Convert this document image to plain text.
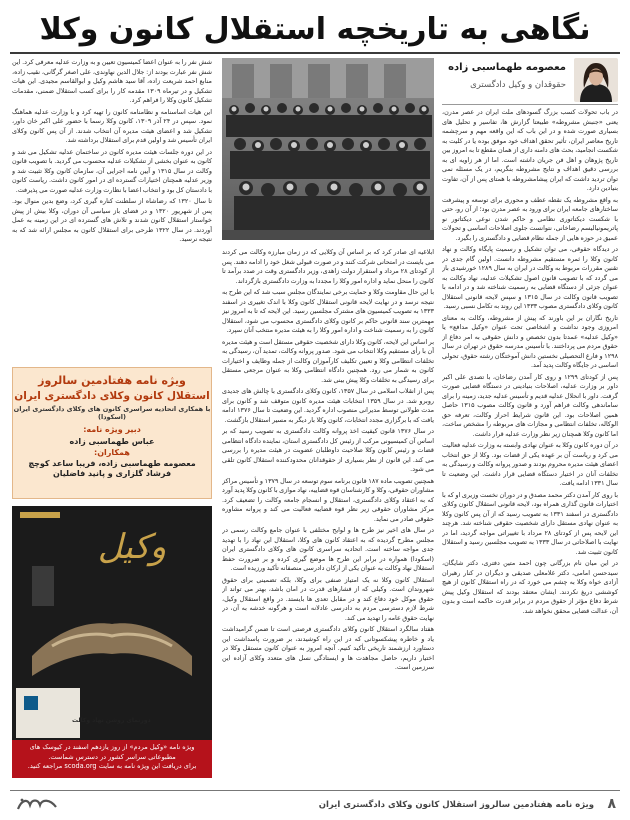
نگاهی به تاریخچه استقلال کانون وکلا
معصومه طهماسبی زاده
حقوقدان و وکیل دادگستری

در باب تحولات کسب بزرگ گسودهای ملت ایران در عصر مدرن، یعنی «جنبش مشروطه» طبیعتا گزارش ها، تفاسیر و تحلیل های بسیاری صورت شده و در این باب که این واقعه مهم و سرچشمه تاریخ معاصر ایران، تأثیر تحقق اهداف خود موفق بوده یا در کلیت به شکست انجامید، بحث های دامنه داری از همان مقطع تا به امروز بین تاریخ پژوهان و اهل فن جریان داشته است. اما از هر زاویه ای به بررسی دقیق اهداف و نتایج مشروطه بنگریم، در یک مسئله نمی توان تردید داشت که ایران پیشامشروطه با همتای پس از آن، تفاوت بنیادین دارد.

به واقع مشروطه یک نقطه عطف و محوری برای توسعه و پیشرفت ساختارهای جامعه ایران برای ورود به عصر مدرن بود؛ از آن رو، حتی با شکست دیکتاتوری نظامی و حاکم شدن نوعی دیکتاتور نو پاتریمونیالیسم رضاخانی، نتوانست جلوی اصلاحات اساسی و تحولات عمیق در حوزه هایی از جمله نظام قضایی و دادگستری را بگیرد.

در دیدگاه حقوقی، می توان تشکیل و رسمیت پایگاه وکالت و نهاد کانون وکلا را ثمره مستقیم مشروطه دانست. اولین گام جدی در تقنین مقررات مربوط به وکالت در ایران به سال ۱۲۸۹ خورشیدی باز می گردد که با تصویب قانون اصول تشکیلات عدلیه، نهاد وکالت به عنوان جزئی از دستگاه قضایی به رسمیت شناخته شد و در ادامه با تصویب قانون وکالت در سال ۱۳۱۵ و سپس لایحه قانونی استقلال کانون وکلای دادگستری مصوب ۱۳۳۳ این روند به تکامل نسبی رسید.

تاریخ نگاران بر این باورند که پیش از مشروطه، وکالت به معنای امروزی وجود نداشت و اشخاصی تحت عنوان «وکیل مدافع» یا «وکیل عدلیه» عمدتا بدون تخصص و دانش حقوقی به امر دفاع از حقوق مردم می پرداختند. با تأسیس مدرسه حقوق در تهران در سال ۱۲۹۸ و فارغ التحصیلی نخستین دانش آموختگان رشته حقوق، تحولی اساسی در جایگاه وکالت پدید آمد.

پس از کودتای ۱۲۹۹ و روی کار آمدن رضاخان، با تصدی علی اکبر داور بر وزارت عدلیه، اصلاحات بنیادینی در دستگاه قضایی صورت گرفت. داور با انحلال عدلیه قدیم و تأسیس عدلیه جدید، زمینه را برای ساماندهی وکالت فراهم آورد و قانون وکالت مصوب ۱۳۱۵ حاصل همین اصلاحات بود. این قانون شرایط احراز وکالت، تعرفه حق الوکاله، تخلفات انتظامی و مجازات های مربوطه را مشخص ساخت، اما کانون وکلا همچنان زیر نظر وزارت عدلیه قرار داشت.

در آن دوره کانون وکلا به عنوان نهادی وابسته به وزارت عدلیه فعالیت می کرد و ریاست آن بر عهده یکی از قضات بود. وکلا از حق انتخاب اعضای هیئت مدیره محروم بودند و صدور پروانه وکالت و رسیدگی به تخلفات آنان در اختیار دستگاه قضایی قرار داشت. این وضعیت تا سال ۱۳۳۱ ادامه یافت.

با روی کار آمدن دکتر محمد مصدق و در دوران نخست وزیری او که با اختیارات قانون گذاری همراه بود، لایحه قانونی استقلال کانون وکلای دادگستری در اسفند ۱۳۳۱ به تصویب رسید که از آن پس کانون وکلا به عنوان نهادی مستقل دارای شخصیت حقوقی شناخته شد. هرچند این لایحه پس از کودتای ۲۸ مرداد با تغییراتی مواجه گردید، اما در نهایت با اصلاحاتی در سال ۱۳۳۳ به تصویب مجلسین رسید و استقلال کانون تثبیت شد.

در این میان نام بزرگانی چون احمد متین دفتری، دکتر شایگان، سیدحسن امامی، دکتر غلامعلی صدیقی و دیگران در کنار رهبران آزادی خواه وکلا به چشم می خورد که در راه استقلال کانون از هیچ کوششی دریغ نکردند. ایشان معتقد بودند که استقلال وکیل پیش شرط دفاع مؤثر از حقوق مردم در برابر قدرت حاکمه است و بدون آن، عدالت قضایی محقق نخواهد شد.

ابلاغیه ای صادر کرد که بر اساس آن وکلایی که در زمان مبارزه وکالت می کردند می بایست در امتحانی شرکت کنند و در صورت قبولی شغل خود را ادامه دهند. پس از کودتای ۲۸ مرداد و استقرار دولت زاهدی، وزیر دادگستری وقت در صدد برآمد تا کانون را منحل نماید و اداره امور وکلا را مجددا به وزارت دادگستری بازگرداند.

با این حال مقاومت وکلا و حمایت برخی نمایندگان مجلس سبب شد که این طرح به نتیجه نرسد و در نهایت لایحه قانونی استقلال کانون وکلا با اندک تغییری در اسفند ۱۳۳۳ به تصویب کمیسیون های مشترک مجلسین رسید. این لایحه که تا به امروز نیز مهمترین سند قانونی حاکم بر کانون وکلای دادگستری محسوب می شود، استقلال کانون را به رسمیت شناخت و اداره امور وکلا را به هیئت مدیره منتخب آنان سپرد.

بر اساس این لایحه، کانون وکلا دارای شخصیت حقوقی مستقل است و هیئت مدیره آن با رأی مستقیم وکلا انتخاب می شود. صدور پروانه وکالت، تمدید آن، رسیدگی به تخلفات انتظامی وکلا و تعیین تکلیف کارآموزان وکالت از جمله وظایف و اختیارات کانون به شمار می رود. همچنین دادگاه انتظامی وکلا به عنوان مرجعی مستقل برای رسیدگی به تخلفات وکلا پیش بینی شد.

پس از انقلاب اسلامی در سال ۱۳۵۷، کانون وکلای دادگستری با چالش های جدیدی روبرو شد. در سال ۱۳۵۹ انتخابات هیئت مدیره کانون متوقف شد و کانون برای مدت طولانی توسط مدیرانی منصوب اداره گردید. این وضعیت تا سال ۱۳۷۶ ادامه یافت که با برگزاری مجدد انتخابات، کانون وکلا بار دیگر به مسیر استقلال بازگشت.

در سال ۱۳۷۶ قانون کیفیت اخذ پروانه وکالت دادگستری به تصویب رسید که بر اساس آن کمیسیونی مرکب از رئیس کل دادگستری استان، نماینده دادگاه انتظامی قضات و رئیس کانون وکلا صلاحیت داوطلبان عضویت در هیئت مدیره را بررسی می کند. این قانون از نظر بسیاری از حقوقدانان محدودکننده استقلال کانون تلقی می شود.

همچنین تصویب ماده ۱۸۷ قانون برنامه سوم توسعه در سال ۱۳۷۹ و تأسیس مراکز مشاوران حقوقی، وکلا و کارشناسان قوه قضاییه، نهاد موازی با کانون وکلا پدید آورد که به اعتقاد وکلای دادگستری، استقلال و انسجام جامعه وکالت را تضعیف کرد. مرکز مشاوران حقوقی زیر نظر قوه قضاییه فعالیت می کند و پروانه مشاوره حقوقی صادر می نماید.

در سال های اخیر نیز طرح ها و لوایح مختلفی با عنوان جامع وکالت رسمی در مجلس مطرح گردیده که به اعتقاد کانون های وکلا، استقلال این نهاد را با تهدید جدی مواجه ساخته است. اتحادیه سراسری کانون های وکلای دادگستری ایران (اسکودا) همواره در برابر این طرح ها موضع گیری کرده و بر ضرورت حفظ استقلال نهاد وکالت به عنوان یکی از ارکان دادرسی منصفانه تأکید ورزیده است.

استقلال کانون وکلا نه یک امتیاز صنفی برای وکلا، بلکه تضمینی برای حقوق شهروندان است. وکیلی که از فشارهای قدرت در امان باشد، بهتر می تواند از حقوق موکل خود دفاع کند و در مقابل تعدی ها بایستد. در واقع استقلال وکیل، شرط لازم دسترسی مردم به دادرسی عادلانه است و هرگونه خدشه به آن، در نهایت حقوق عامه را تهدید می کند.

هفتاد سالگرد استقلال کانون وکلای دادگستری فرصتی است تا ضمن گرامیداشت یاد و خاطره پیشکسوتانی که در این راه کوشیدند، بر ضرورت پاسداشت این دستاورد ارزشمند تاریخی تأکید کنیم. آنچه امروز به عنوان کانون مستقل وکلا در اختیار داریم، حاصل مجاهدت ها و ایستادگی نسل های متعدد وکلای آزاده این سرزمین است.

شش نفر را به عنوان اعضا کمیسیون تعیین و به وزارت عدلیه معرفی کرد. این شش نفر عبارت بودند از: جلال الدین نهاوندی، علی اصغر گرگانی، نقیب زاده، منابع احمد شریعت زاده، آقا سید هاشم وکیل و ابوالقاسم مجیدی. این هیات تشکیل و در تیرماه ۱۳۰۹ مقدمه کار را برای کسب استقلال ضمنی، مقدمات تشکیل کانون وکلا را فراهم کرد.

این هیات اساسنامه و نظامنامه کانون را تهیه کرد و با وزارت عدلیه هماهنگ نمود. سپس در ۲۴ آذر ۱۳۰۹، کانون وکلا رسما با حضور علی اکبر خان داور، تشکیل شد و اعضای هیئت مدیره آن انتخاب شدند. از آن پس کانون وکلای ایران تأسیس شد و اولین قدم برای استقلال برداشته شد.

در این دوره جلسات هیئت مدیره کانون در ساختمان عدلیه تشکیل می شد و کانون به عنوان بخشی از تشکیلات عدلیه محسوب می گردید. با تصویب قانون وکالت در سال ۱۳۱۵ و آیین نامه اجرایی آن، سازمان کانون وکلا تثبیت شد و وزیر عدلیه همچنان اختیارات گسترده ای در امور کانون داشت. ریاست کانون با دادستان کل بود و انتخاب اعضا با نظارت وزارت عدلیه صورت می پذیرفت.

تا سال ۱۳۲۰ که رضاشاه از سلطنت کناره گیری کرد، وضع بدین منوال بود. پس از شهریور ۱۳۲۰ و در فضای باز سیاسی آن دوران، وکلا بیش از پیش خواستار استقلال کانون شدند و تلاش های گسترده ای در این زمینه به عمل آوردند. در سال ۱۳۲۲ طرحی برای استقلال کانون به مجلس ارائه شد که به نتیجه نرسید.

ویژه نامه هفتادمین سالروز
استقلال کانون وکلای دادگستری ایران
با همکاری اتحادیه سراسری کانون های وکلای دادگستری ایران (اسکودا)
دبیر ویژه نامه:
عباس طهماسبی زاده
همکاران:
معصومه طهماسبی زاده، فریبا ساعد کوچچ
فرشاد گلزاری و پانید فاضلیان
وکیل
دورنمای روشن نهاد وکالت
ویژه نامه «وکیل مردم» از روز یازدهم اسفند در کیوسک های
مطبوعاتی سراسر کشور در دسترس شماست.
برای دریافت این ویژه نامه به سایت scoda.org مراجعه کنید.
۸
ویژه نامه هفتادمین سالروز استقلال کانون وکلای دادگستری ایران
